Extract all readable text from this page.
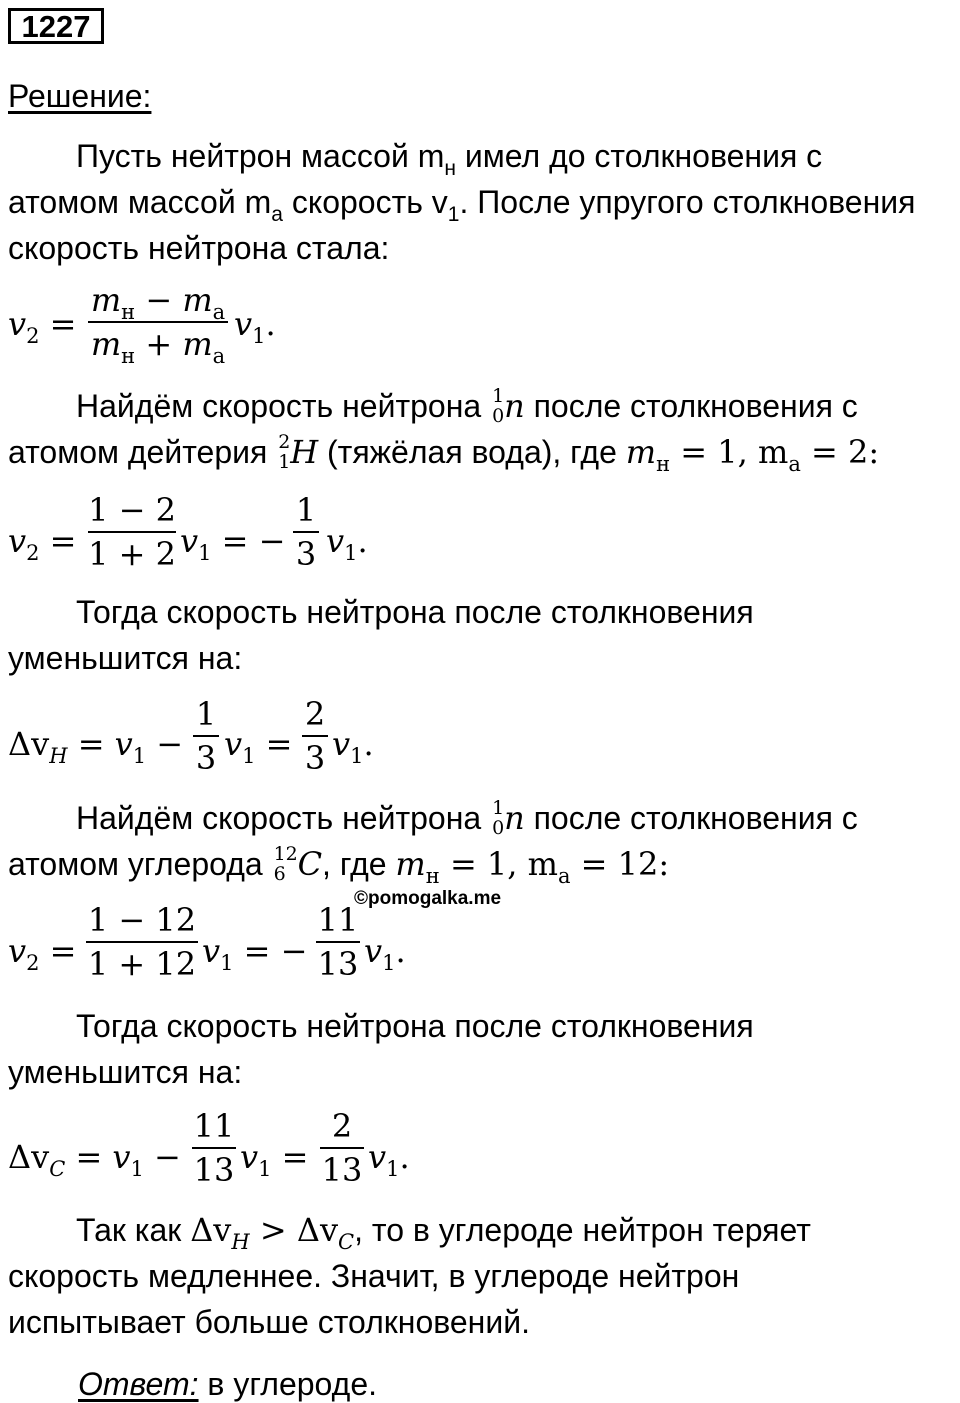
1227
Решение:
Пусть нейтрон массой $m_н$ имел до столкновения с
атомом массой $m_а$ скорость $v_1$. После упругого столкновения
скорость нейтрона стала:
$v_2$ =
$m_н - m_а$
$m_н + m_а$
$v_1$.
Найдём скорость нейтрона 1
0 n после столкновения с
атомом дейтерия 2
1 H (тяжёлая вода), где $m_н = 1$, $m_а = 2$:
$v_2$ =
1 − 2
1 + 2 $v_1$ = −
1
3 $v_1$.
Тогда скорость нейтрона после столкновения
уменьшится на:
$\Delta v_H = v_1$ −
1
3 $v_1$ =
2
3 $v_1$.
Найдём скорость нейтрона 1
0 n после столкновения с
атомом углерода 12
6 C, где $m_н = 1$, $m_а = 12$:
©pomogalka.me
$v_2$ =
1 − 12
1 + 12 $v_1$ = −
11
13 $v_1$.
Тогда скорость нейтрона после столкновения
уменьшится на:
$\Delta v_C = v_1$ −
11
13 $v_1$ =
2
13 $v_1$.
Так как $\Delta v_H > \Delta v_C$, то в углероде нейтрон теряет
скорость медленнее. Значит, в углероде нейтрон
испытывает больше столкновений.
Ответ: в углероде.
